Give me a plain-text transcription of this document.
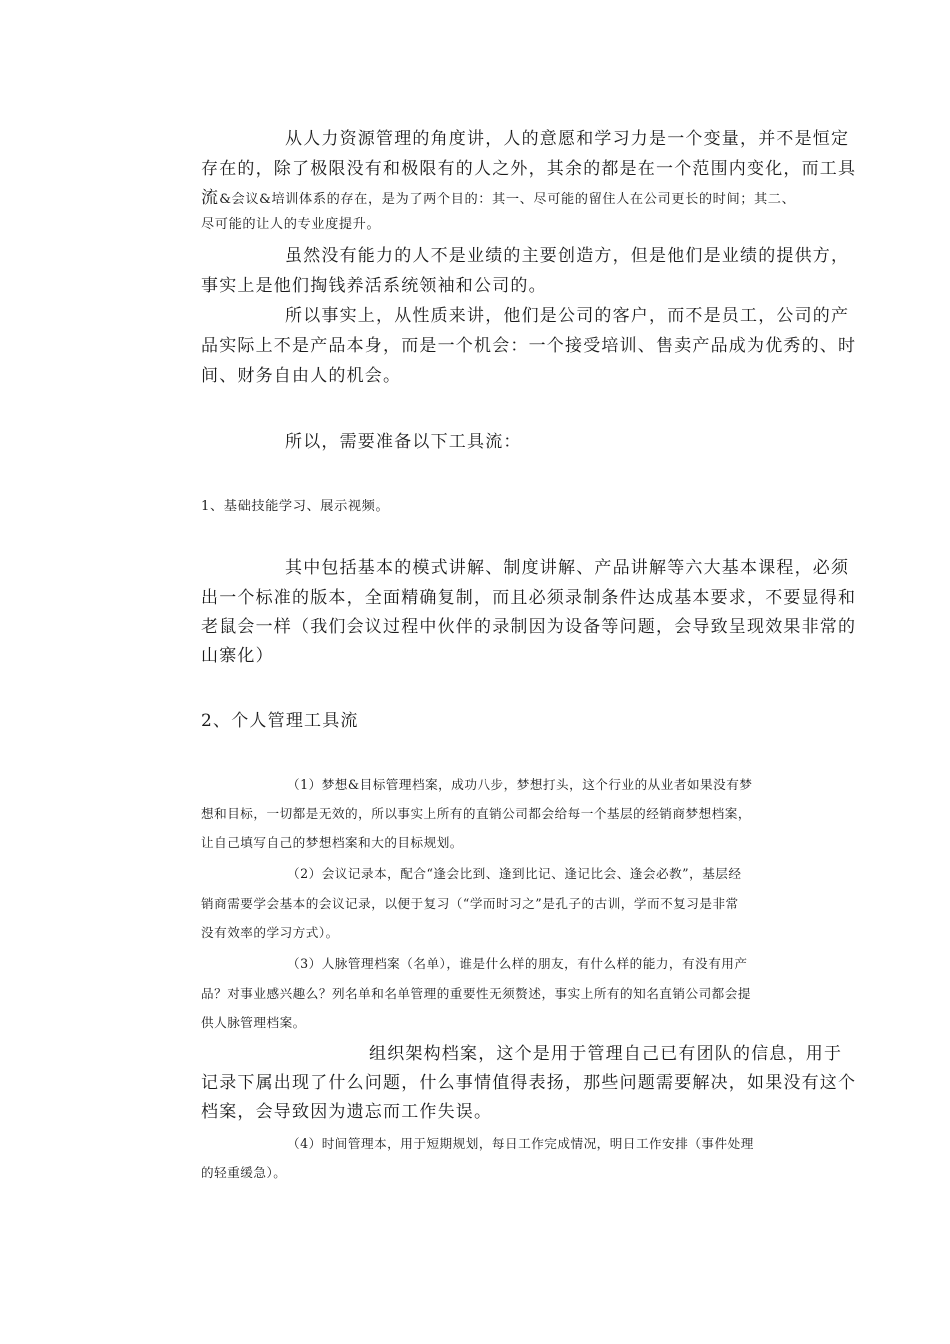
从人力资源管理的角度讲，人的意愿和学习力是一个变量，并不是恒定

存在的，除了极限没有和极限有的人之外，其余的都是在一个范围内变化，而工具

流&会议&培训体系的存在，是为了两个目的：其一、尽可能的留住人在公司更长的时间；其二、

尽可能的让人的专业度提升。

虽然没有能力的人不是业绩的主要创造方，但是他们是业绩的提供方，

事实上是他们掏钱养活系统领袖和公司的。

所以事实上，从性质来讲，他们是公司的客户，而不是员工，公司的产

品实际上不是产品本身，而是一个机会：一个接受培训、售卖产品成为优秀的、时

间、财务自由人的机会。

所以，需要准备以下工具流：

1、基础技能学习、展示视频。

其中包括基本的模式讲解、制度讲解、产品讲解等六大基本课程，必须

出一个标准的版本，全面精确复制，而且必须录制条件达成基本要求，不要显得和

老鼠会一样（我们会议过程中伙伴的录制因为设备等问题，会导致呈现效果非常的

山寨化）

2、个人管理工具流

（1）梦想&目标管理档案，成功八步，梦想打头，这个行业的从业者如果没有梦

想和目标，一切都是无效的，所以事实上所有的直销公司都会给每一个基层的经销商梦想档案，

让自己填写自己的梦想档案和大的目标规划。

（2）会议记录本，配合“逢会比到、逢到比记、逢记比会、逢会必教”，基层经

销商需要学会基本的会议记录，以便于复习（“学而时习之”是孔子的古训，学而不复习是非常

没有效率的学习方式）。

（3）人脉管理档案（名单），谁是什么样的朋友，有什么样的能力，有没有用产

品？对事业感兴趣么？列名单和名单管理的重要性无须赘述，事实上所有的知名直销公司都会提

供人脉管理档案。

组织架构档案，这个是用于管理自己已有团队的信息，用于

记录下属出现了什么问题，什么事情值得表扬，那些问题需要解决，如果没有这个

档案，会导致因为遗忘而工作失误。

（4）时间管理本，用于短期规划，每日工作完成情况，明日工作安排（事件处理

的轻重缓急）。
